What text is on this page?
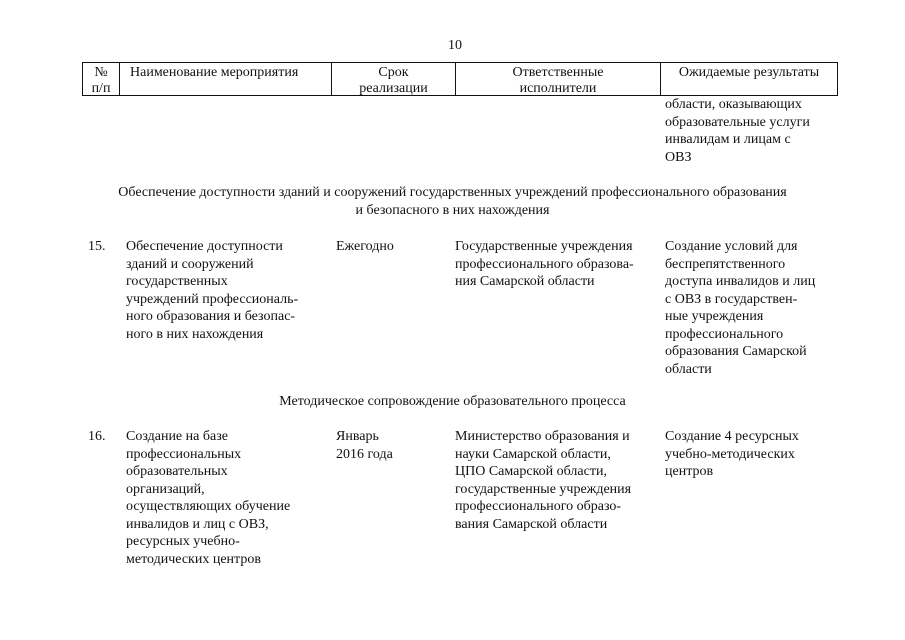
10
№
п/п
Наименование мероприятия	Срок
реализации
Ответственные
исполнители
Ожидаемые результаты
области, оказывающих
образовательные услуги
инвалидам и лицам с
ОВЗ
Обеспечение доступности зданий и сооружений государственных учреждений профессионального образования
и безопасного в них нахождения
15. Обеспечение доступности
зданий и сооружений
государственных
учреждений профессиональ-
ного образования и безопас-
ного в них нахождения
Ежегодно	Государственные учреждения
профессионального образова-
ния Самарской области
Создание условий для
беспрепятственного
доступа инвалидов и лиц
с ОВЗ в государствен-
ные учреждения
профессионального
образования Самарской
области
Методическое сопровождение образовательного процесса
16. Создание на базе
профессиональных
образовательных
организаций,
осуществляющих обучение
инвалидов и лиц с ОВЗ,
ресурсных учебно-
методических центров
Январь
2016 года
Министерство образования и
науки Самарской области,
ЦПО Самарской области,
государственные учреждения
профессионального образо-
вания Самарской области
Создание 4 ресурсных
учебно-методических
центров
